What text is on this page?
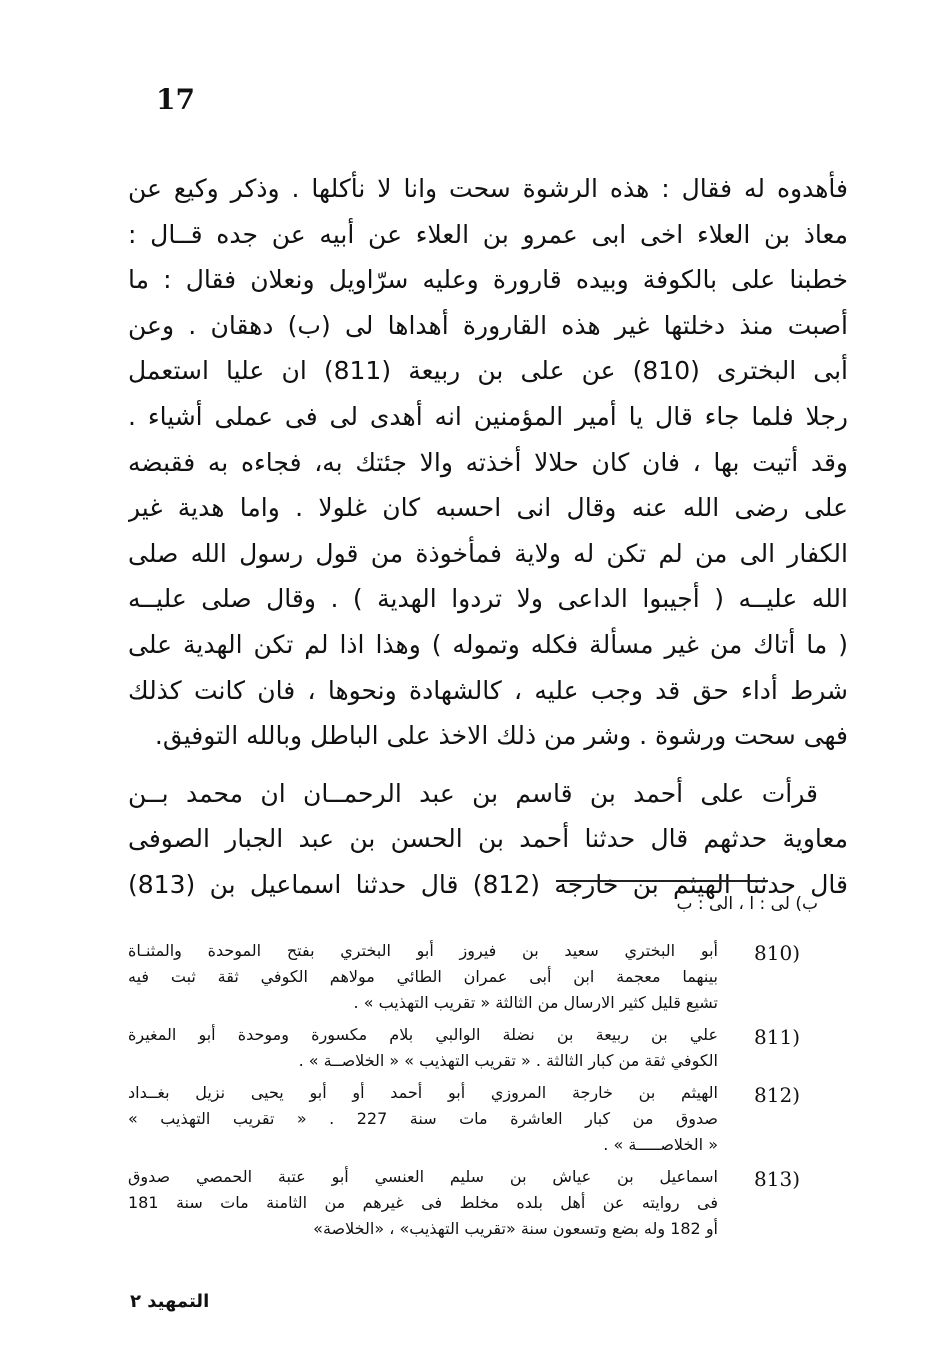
17
فأهدوه له فقال : هذه الرشوة سحت وانا لا نأكلها . وذكر وكيع عن
معاذ بن العلاء اخى ابى عمرو بن العلاء عن أبيه عن جده قــال :
خطبنا على بالكوفة وبيده قارورة وعليه سرّاويل ونعلان فقال : ما
أصبت منذ دخلتها غير هذه القارورة أهداها لى (ب) دهقان . وعن
أبى البخترى (810) عن على بن ربيعة (811) ان عليا استعمل
رجلا فلما جاء قال يا أمير المؤمنين انه أهدى لى فى عملى أشياء .
وقد أتيت بها ، فان كان حلالا أخذته والا جئتك به، فجاءه به فقبضه
على رضى الله عنه وقال انى احسبه كان غلولا . واما هدية غير
الكفار الى من لم تكن له ولاية فمأخوذة من قول رسول الله صلى
الله عليــه ( أجيبوا الداعى ولا تردوا الهدية ) . وقال صلى عليــه
( ما أتاك من غير مسألة فكله وتموله ) وهذا اذا لم تكن الهدية على
شرط أداء حق قد وجب عليه ، كالشهادة ونحوها ، فان كانت كذلك
فهى سحت ورشوة . وشر من ذلك الاخذ على الباطل وبالله التوفيق.
قرأت على أحمد بن قاسم بن عبد الرحمــان ان محمد بــن
معاوية حدثهم قال حدثنا أحمد بن الحسن بن عبد الجبار الصوفى
قال حدثنا الهيثم بن خارجة (812) قال حدثنا اسماعيل بن (813)
ب) لى : ا ، الى : ب
810)
أبو البختري سعيد بن فيروز أبو البختري بفتح الموحدة والمثنـاة
بينهما معجمة ابن أبى عمران الطائي مولاهم الكوفي ثقة ثبت فيه
تشيع قليل كثير الارسال من الثالثة « تقريب التهذيب » .
811)
علي بن ربيعة بن نضلة الوالبي بلام مكسورة وموحدة أبو المغيرة
الكوفي ثقة من كبار الثالثة . « تقريب التهذيب » « الخلاصــة » .
812)
الهيثم بن خارجة المروزي أبو أحمد أو أبو يحيى نزيل بغــداد
صدوق من كبار العاشرة مات سنة 227 . « تقريب التهذيب »
« الخلاصـــــة » .
813)
اسماعيل بن عياش بن سليم العنسي أبو عتبة الحمصي صدوق
فى روايته عن أهل بلده مخلط فى غيرهم من الثامنة مات سنة 181
أو 182 وله بضع وتسعون سنة «تقريب التهذيب» ، «الخلاصة»
التمهيد ٢
